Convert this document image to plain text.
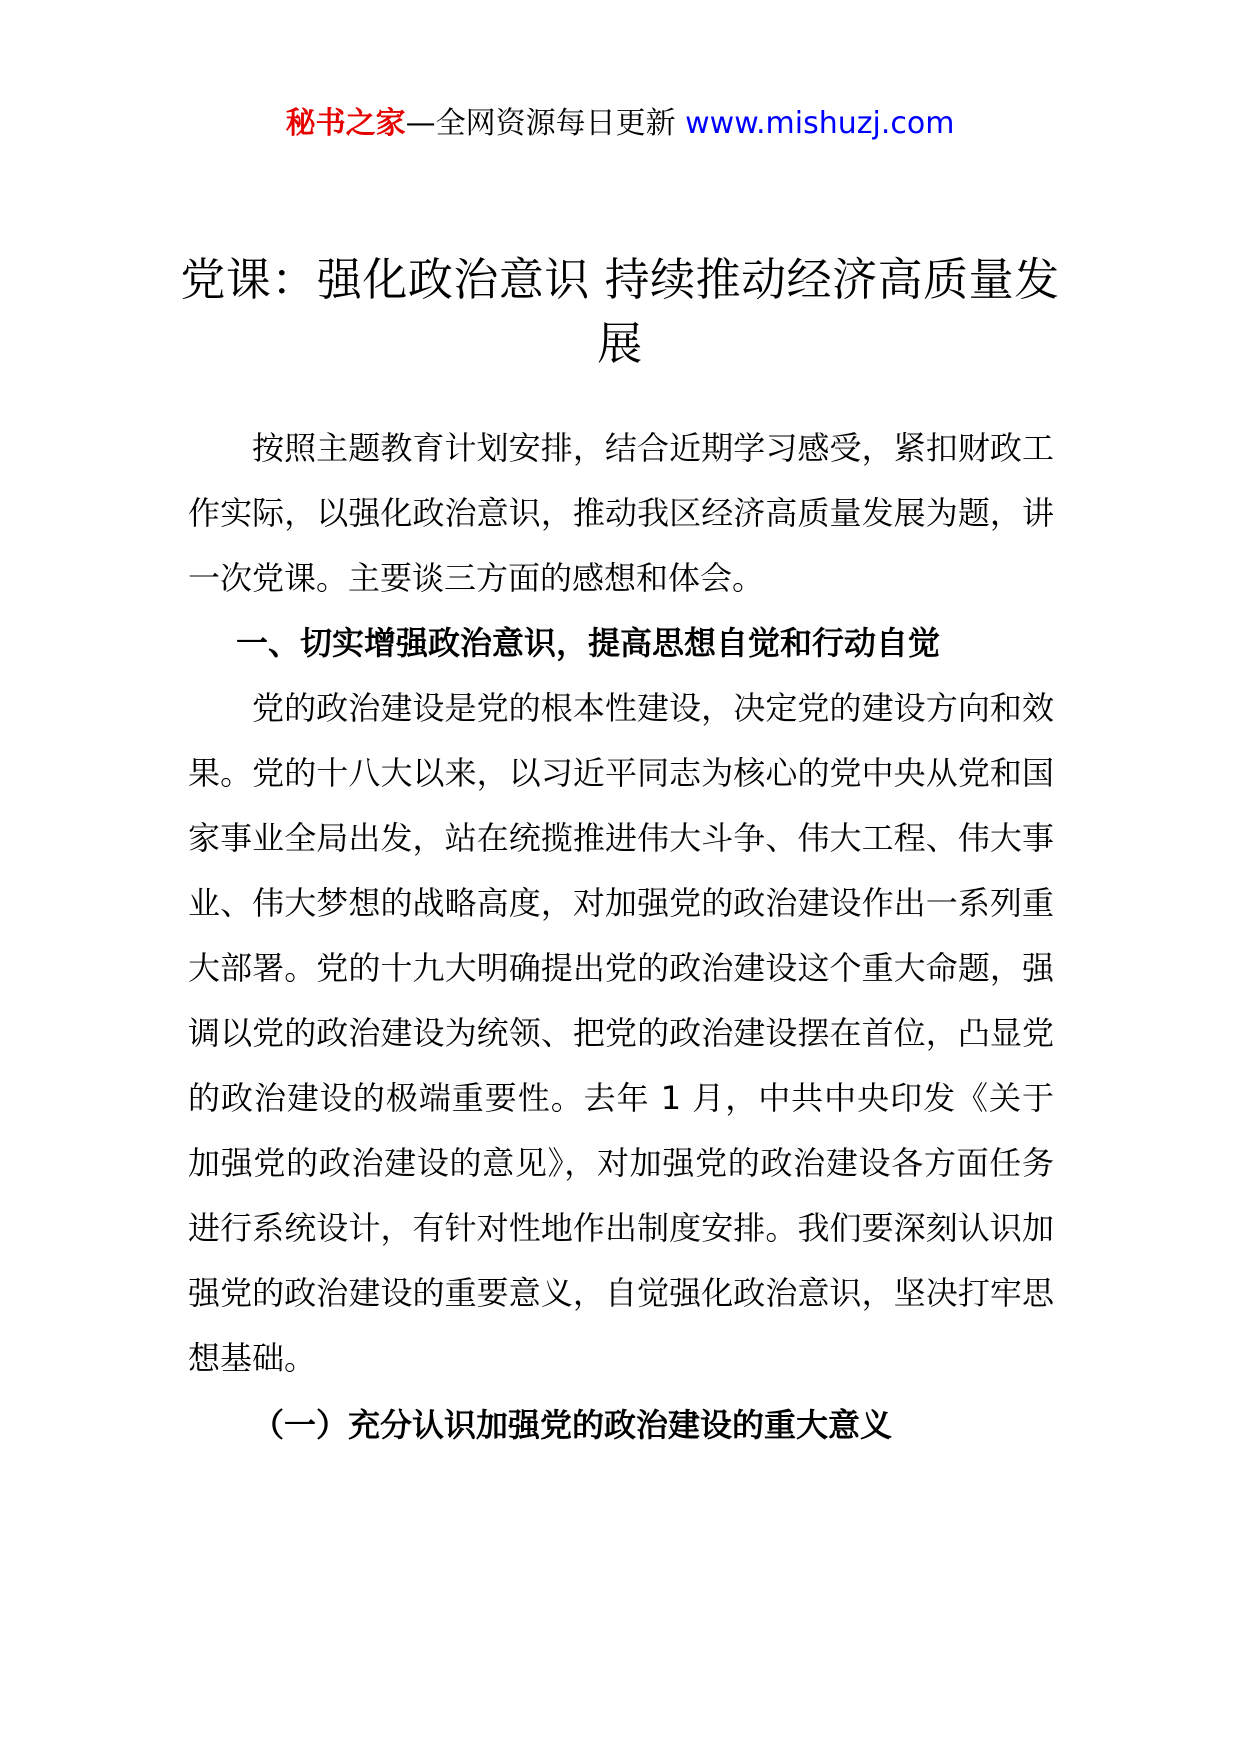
秘书之家—全网资源每日更新 www.mishuzj.com
党课：强化政治意识 持续推动经济高质量发展

按照主题教育计划安排，结合近期学习感受，紧扣财政工作实际，以强化政治意识，推动我区经济高质量发展为题，讲一次党课。主要谈三方面的感想和体会。

一、切实增强政治意识，提高思想自觉和行动自觉

党的政治建设是党的根本性建设，决定党的建设方向和效果。党的十八大以来，以习近平同志为核心的党中央从党和国家事业全局出发，站在统揽推进伟大斗争、伟大工程、伟大事业、伟大梦想的战略高度，对加强党的政治建设作出一系列重大部署。党的十九大明确提出党的政治建设这个重大命题，强调以党的政治建设为统领、把党的政治建设摆在首位，凸显党的政治建设的极端重要性。去年 1 月，中共中央印发《关于加强党的政治建设的意见》，对加强党的政治建设各方面任务进行系统设计，有针对性地作出制度安排。我们要深刻认识加强党的政治建设的重要意义，自觉强化政治意识，坚决打牢思想基础。

（一）充分认识加强党的政治建设的重大意义
